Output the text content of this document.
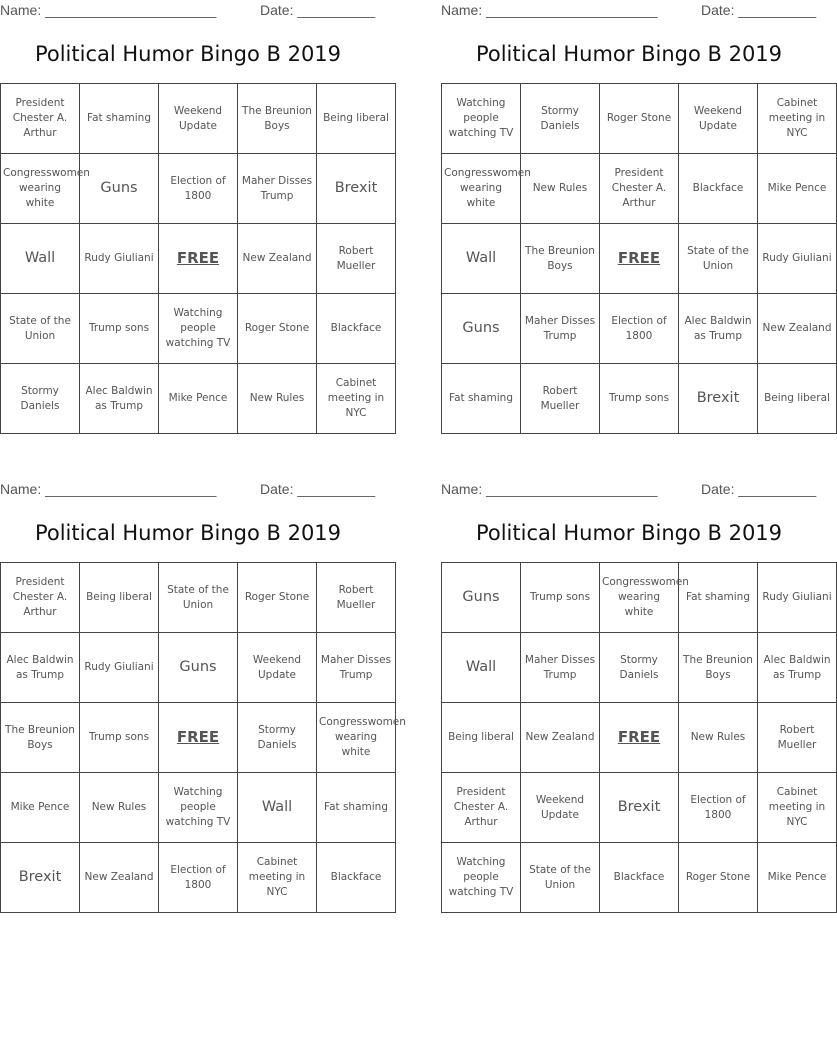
Name: ______________________	Date: __________
Political Humor Bingo B 2019
President Chester A. Arthur	Fat shaming	Weekend Update	The Breunion Boys	Being liberal
Congresswomen wearing white	Guns	Election of 1800	Maher Disses Trump	Brexit
Wall	Rudy Giuliani	FREE	New Zealand	Robert Mueller
State of the Union	Trump sons	Watching people watching TV	Roger Stone	Blackface
Stormy Daniels	Alec Baldwin as Trump	Mike Pence	New Rules	Cabinet meeting in NYC
Name: ______________________	Date: __________
Political Humor Bingo B 2019
Watching people watching TV	Stormy Daniels	Roger Stone	Weekend Update	Cabinet meeting in NYC
Congresswomen wearing white	New Rules	President Chester A. Arthur	Blackface	Mike Pence
Wall	The Breunion Boys	FREE	State of the Union	Rudy Giuliani
Guns	Maher Disses Trump	Election of 1800	Alec Baldwin as Trump	New Zealand
Fat shaming	Robert Mueller	Trump sons	Brexit	Being liberal
Name: ______________________	Date: __________
Political Humor Bingo B 2019
President Chester A. Arthur	Being liberal	State of the Union	Roger Stone	Robert Mueller
Alec Baldwin as Trump	Rudy Giuliani	Guns	Weekend Update	Maher Disses Trump
The Breunion Boys	Trump sons	FREE	Stormy Daniels	Congresswomen wearing white
Mike Pence	New Rules	Watching people watching TV	Wall	Fat shaming
Brexit	New Zealand	Election of 1800	Cabinet meeting in NYC	Blackface
Name: ______________________	Date: __________
Political Humor Bingo B 2019
Guns	Trump sons	Congresswomen wearing white	Fat shaming	Rudy Giuliani
Wall	Maher Disses Trump	Stormy Daniels	The Breunion Boys	Alec Baldwin as Trump
Being liberal	New Zealand	FREE	New Rules	Robert Mueller
President Chester A. Arthur	Weekend Update	Brexit	Election of 1800	Cabinet meeting in NYC
Watching people watching TV	State of the Union	Blackface	Roger Stone	Mike Pence
